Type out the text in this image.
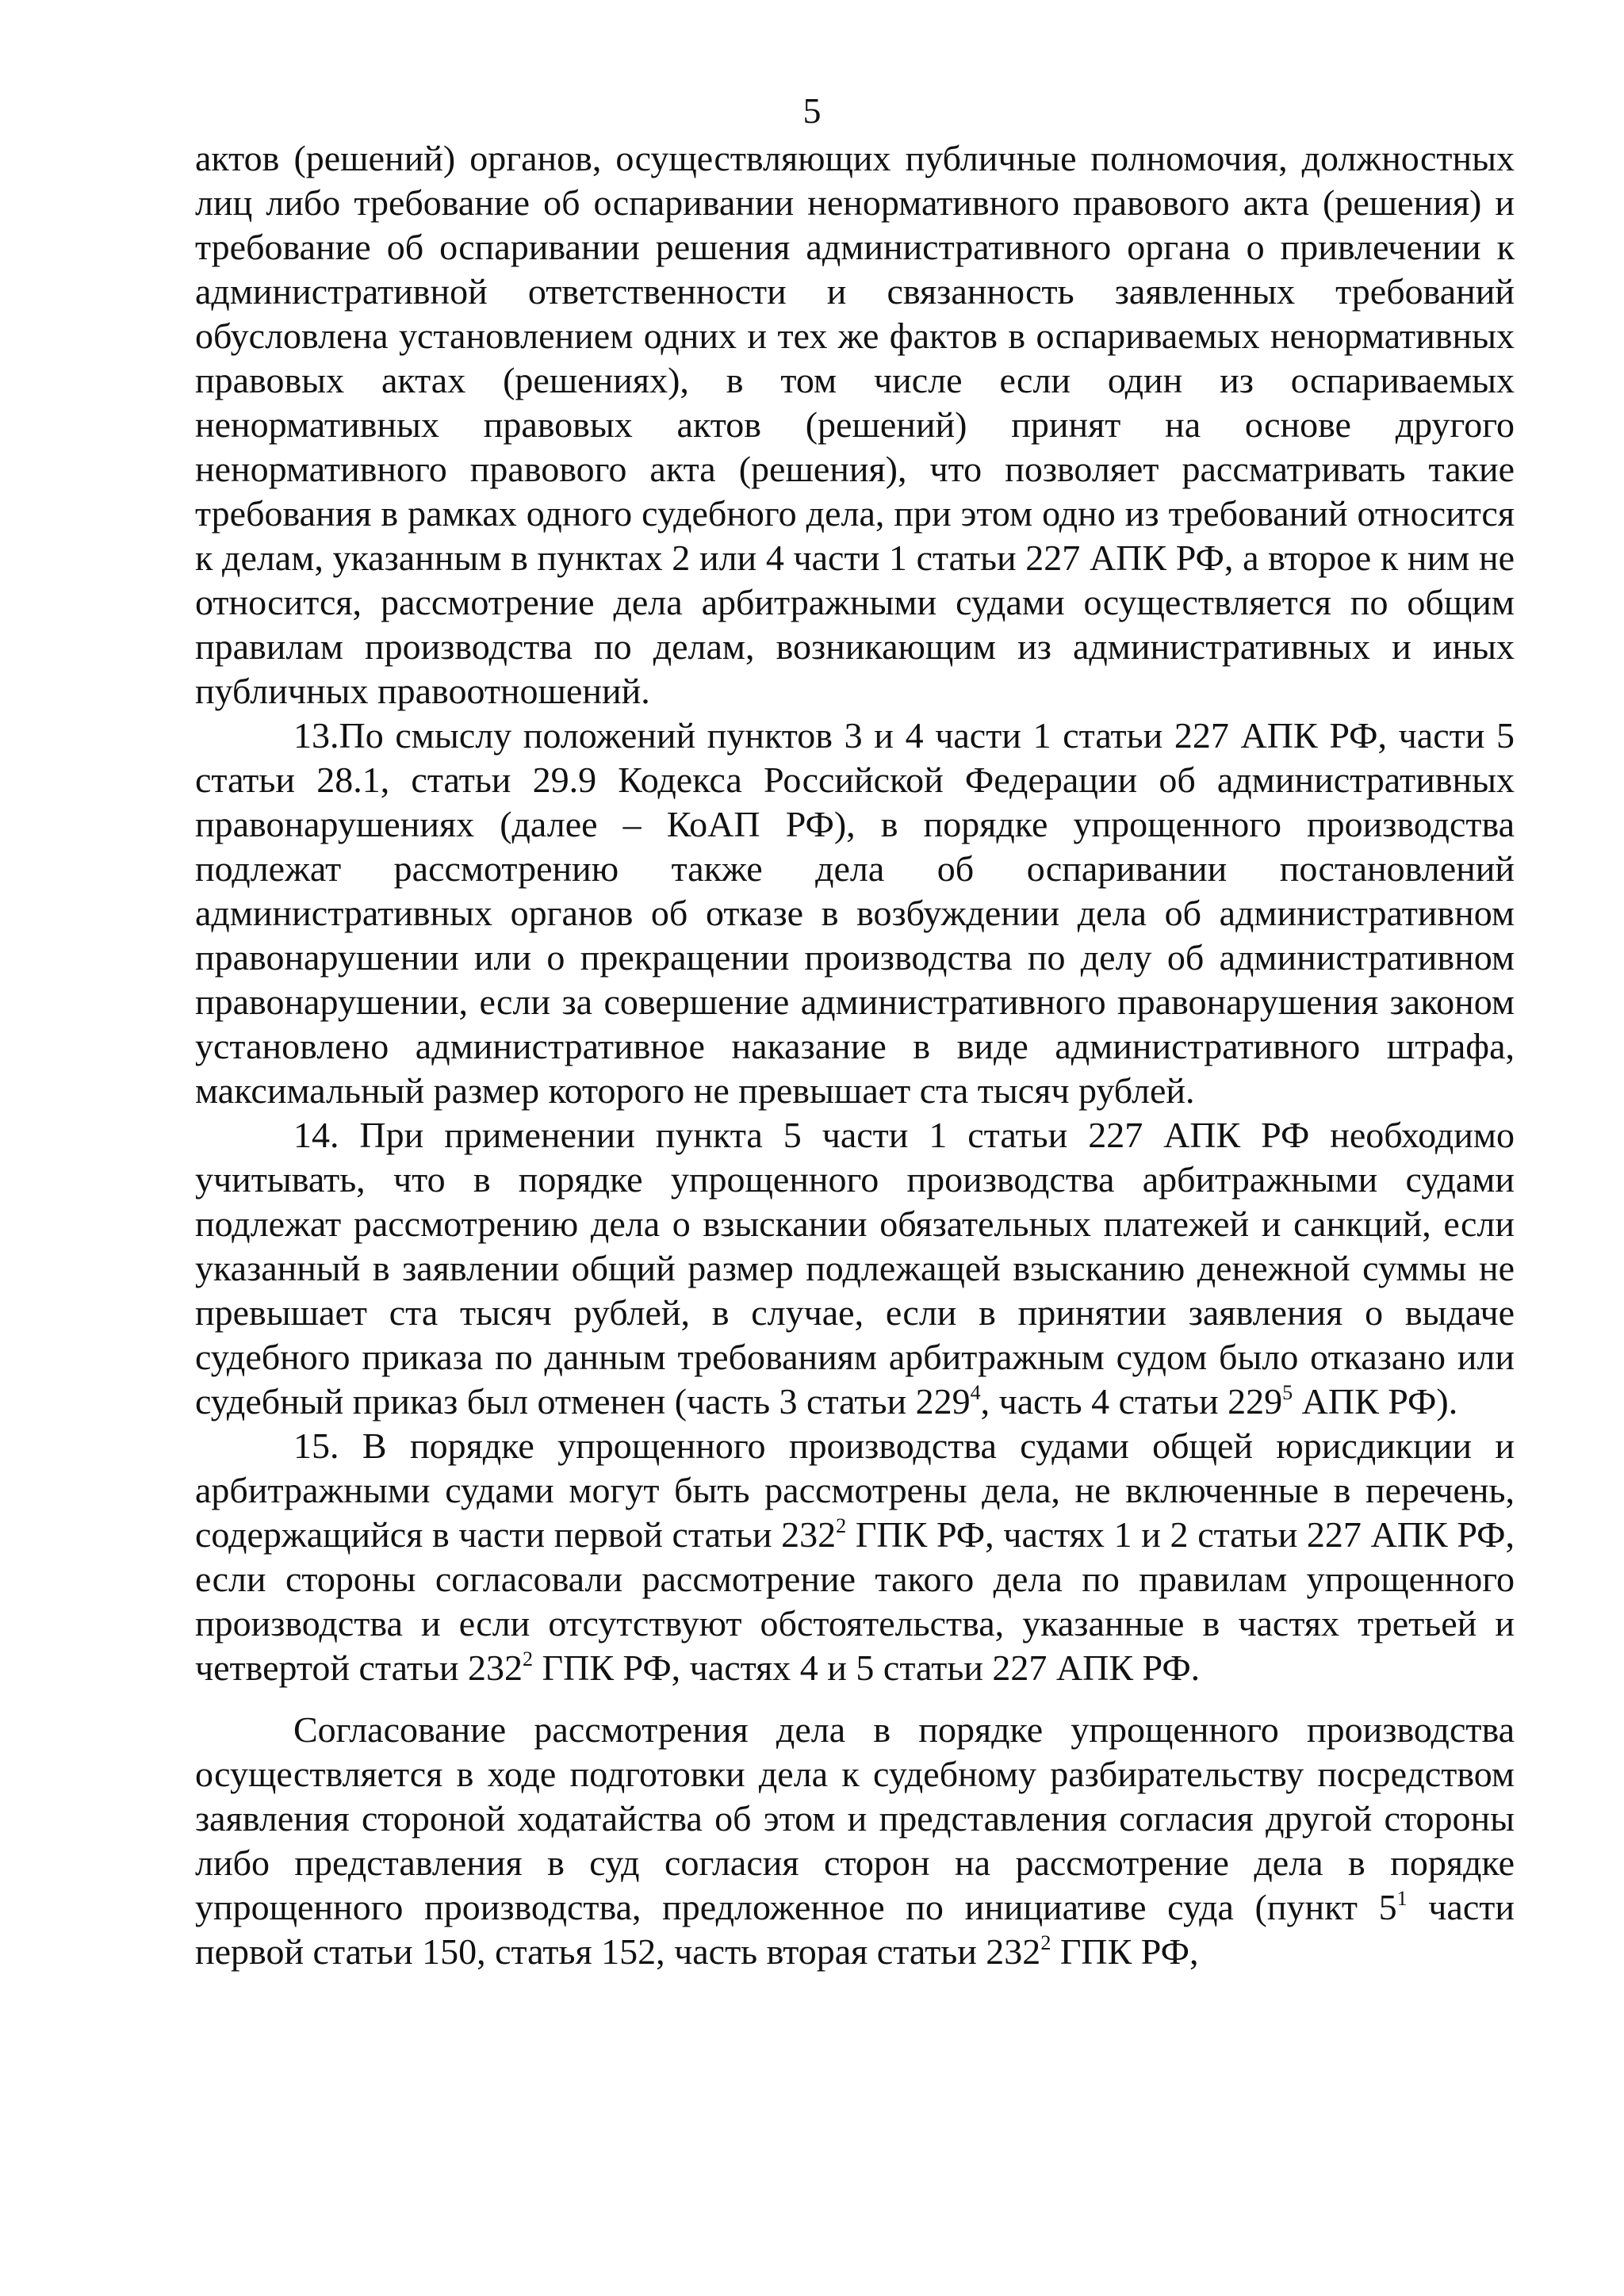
5

актов (решений) органов, осуществляющих публичные полномочия, должностных лиц либо требование об оспаривании ненормативного правового акта (решения) и требование об оспаривании решения административного органа о привлечении к административной ответственности и связанность заявленных требований обусловлена установлением одних и тех же фактов в оспариваемых ненормативных правовых актах (решениях), в том числе если один из оспариваемых ненормативных правовых актов (решений) принят на основе другого ненормативного правового акта (решения), что позволяет рассматривать такие требования в рамках одного судебного дела, при этом одно из требований относится к делам, указанным в пунктах 2 или 4 части 1 статьи 227 АПК РФ, а второе к ним не относится, рассмотрение дела арбитражными судами осуществляется по общим правилам производства по делам, возникающим из административных и иных публичных правоотношений.

13.По смыслу положений пунктов 3 и 4 части 1 статьи 227 АПК РФ, части 5 статьи 28.1, статьи 29.9 Кодекса Российской Федерации об административных правонарушениях (далее – КоАП РФ), в порядке упрощенного производства подлежат рассмотрению также дела об оспаривании постановлений административных органов об отказе в возбуждении дела об административном правонарушении или о прекращении производства по делу об административном правонарушении, если за совершение административного правонарушения законом установлено административное наказание в виде административного штрафа, максимальный размер которого не превышает ста тысяч рублей.

14. При применении пункта 5 части 1 статьи 227 АПК РФ необходимо учитывать, что в порядке упрощенного производства арбитражными судами подлежат рассмотрению дела о взыскании обязательных платежей и санкций, если указанный в заявлении общий размер подлежащей взысканию денежной суммы не превышает ста тысяч рублей, в случае, если в принятии заявления о выдаче судебного приказа по данным требованиям арбитражным судом было отказано или судебный приказ был отменен (часть 3 статьи $229^4$, часть 4 статьи $229^5$ АПК РФ).

15. В порядке упрощенного производства судами общей юрисдикции и арбитражными судами могут быть рассмотрены дела, не включенные в перечень, содержащийся в части первой статьи $232^2$ ГПК РФ, частях 1 и 2 статьи 227 АПК РФ, если стороны согласовали рассмотрение такого дела по правилам упрощенного производства и если отсутствуют обстоятельства, указанные в частях третьей и четвертой статьи $232^2$ ГПК РФ, частях 4 и 5 статьи 227 АПК РФ.

Согласование рассмотрения дела в порядке упрощенного производства осуществляется в ходе подготовки дела к судебному разбирательству посредством заявления стороной ходатайства об этом и представления согласия другой стороны либо представления в суд согласия сторон на рассмотрение дела в порядке упрощенного производства, предложенное по инициативе суда (пункт $5^1$ части первой статьи 150, статья 152, часть вторая статьи $232^2$ ГПК РФ,
